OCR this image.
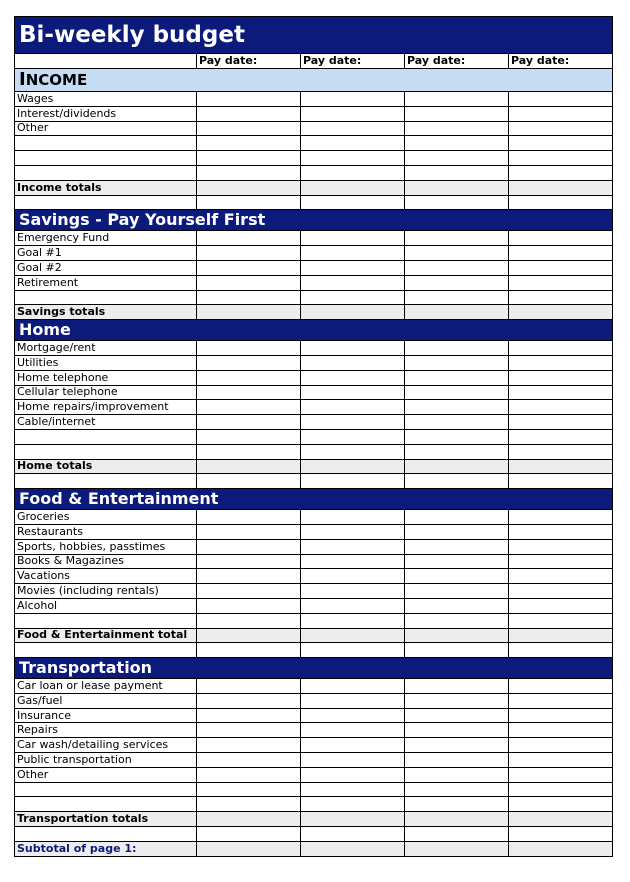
Bi-weekly budget				
	Pay date:	Pay date:	Pay date:	Pay date:
INCOME				
Wages				
Interest/dividends				
Other				

Income totals				

Savings - Pay Yourself First				
Emergency Fund				
Goal #1				
Goal #2				
Retirement				

Savings totals				
Home				
Mortgage/rent				
Utilities				
Home telephone				
Cellular telephone				
Home repairs/improvement				
Cable/internet				

Home totals				

Food & Entertainment				
Groceries				
Restaurants				
Sports, hobbies, passtimes				
Books & Magazines				
Vacations				
Movies (including rentals)				
Alcohol				

Food & Entertainment total				

Transportation				
Car loan or lease payment				
Gas/fuel				
Insurance				
Repairs				
Car wash/detailing services				
Public transportation				
Other				

Transportation totals				

Subtotal of page 1:				
